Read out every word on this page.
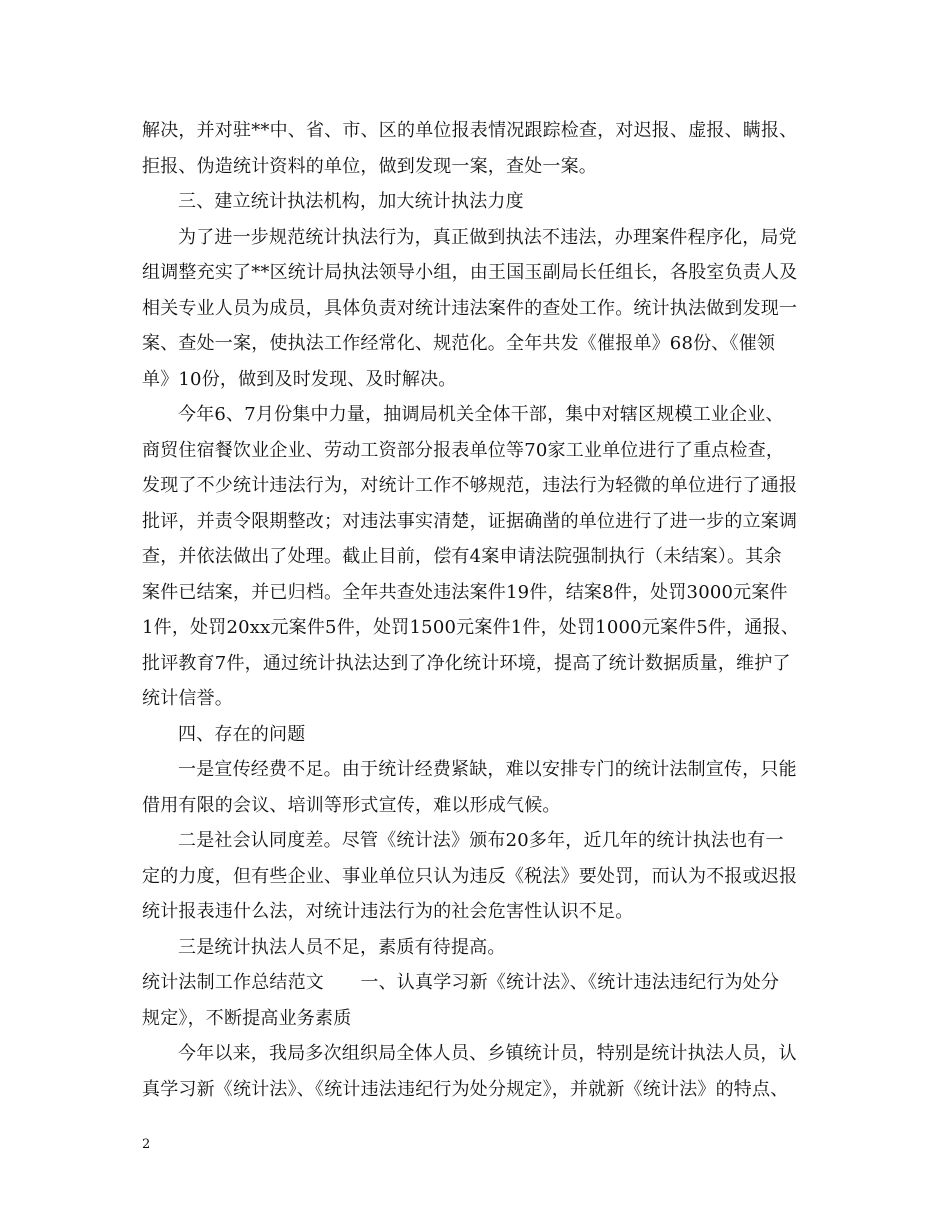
解决，并对驻**中、省、市、区的单位报表情况跟踪检查，对迟报、虚报、瞒报、
拒报、伪造统计资料的单位，做到发现一案，查处一案。
三、建立统计执法机构，加大统计执法力度
为了进一步规范统计执法行为，真正做到执法不违法，办理案件程序化，局党
组调整充实了**区统计局执法领导小组，由王国玉副局长任组长，各股室负责人及
相关专业人员为成员，具体负责对统计违法案件的查处工作。统计执法做到发现一
案、查处一案，使执法工作经常化、规范化。全年共发《催报单》68份、《催领
单》10份，做到及时发现、及时解决。
今年6、7月份集中力量，抽调局机关全体干部，集中对辖区规模工业企业、
商贸住宿餐饮业企业、劳动工资部分报表单位等70家工业单位进行了重点检查，
发现了不少统计违法行为，对统计工作不够规范，违法行为轻微的单位进行了通报
批评，并责令限期整改；对违法事实清楚，证据确凿的单位进行了进一步的立案调
查，并依法做出了处理。截止目前，偿有4案申请法院强制执行（未结案）。其余
案件已结案，并已归档。全年共查处违法案件19件，结案8件，处罚3000元案件
1件，处罚20xx元案件5件，处罚1500元案件1件，处罚1000元案件5件，通报、
批评教育7件，通过统计执法达到了净化统计环境，提高了统计数据质量，维护了
统计信誉。
四、存在的问题
一是宣传经费不足。由于统计经费紧缺，难以安排专门的统计法制宣传，只能
借用有限的会议、培训等形式宣传，难以形成气候。
二是社会认同度差。尽管《统计法》颁布20多年，近几年的统计执法也有一
定的力度，但有些企业、事业单位只认为违反《税法》要处罚，而认为不报或迟报
统计报表违什么法，对统计违法行为的社会危害性认识不足。
三是统计执法人员不足，素质有待提高。
统计法制工作总结范文　　一、认真学习新《统计法》、《统计违法违纪行为处分
规定》，不断提高业务素质
今年以来，我局多次组织局全体人员、乡镇统计员，特别是统计执法人员，认
真学习新《统计法》、《统计违法违纪行为处分规定》，并就新《统计法》的特点、
2
